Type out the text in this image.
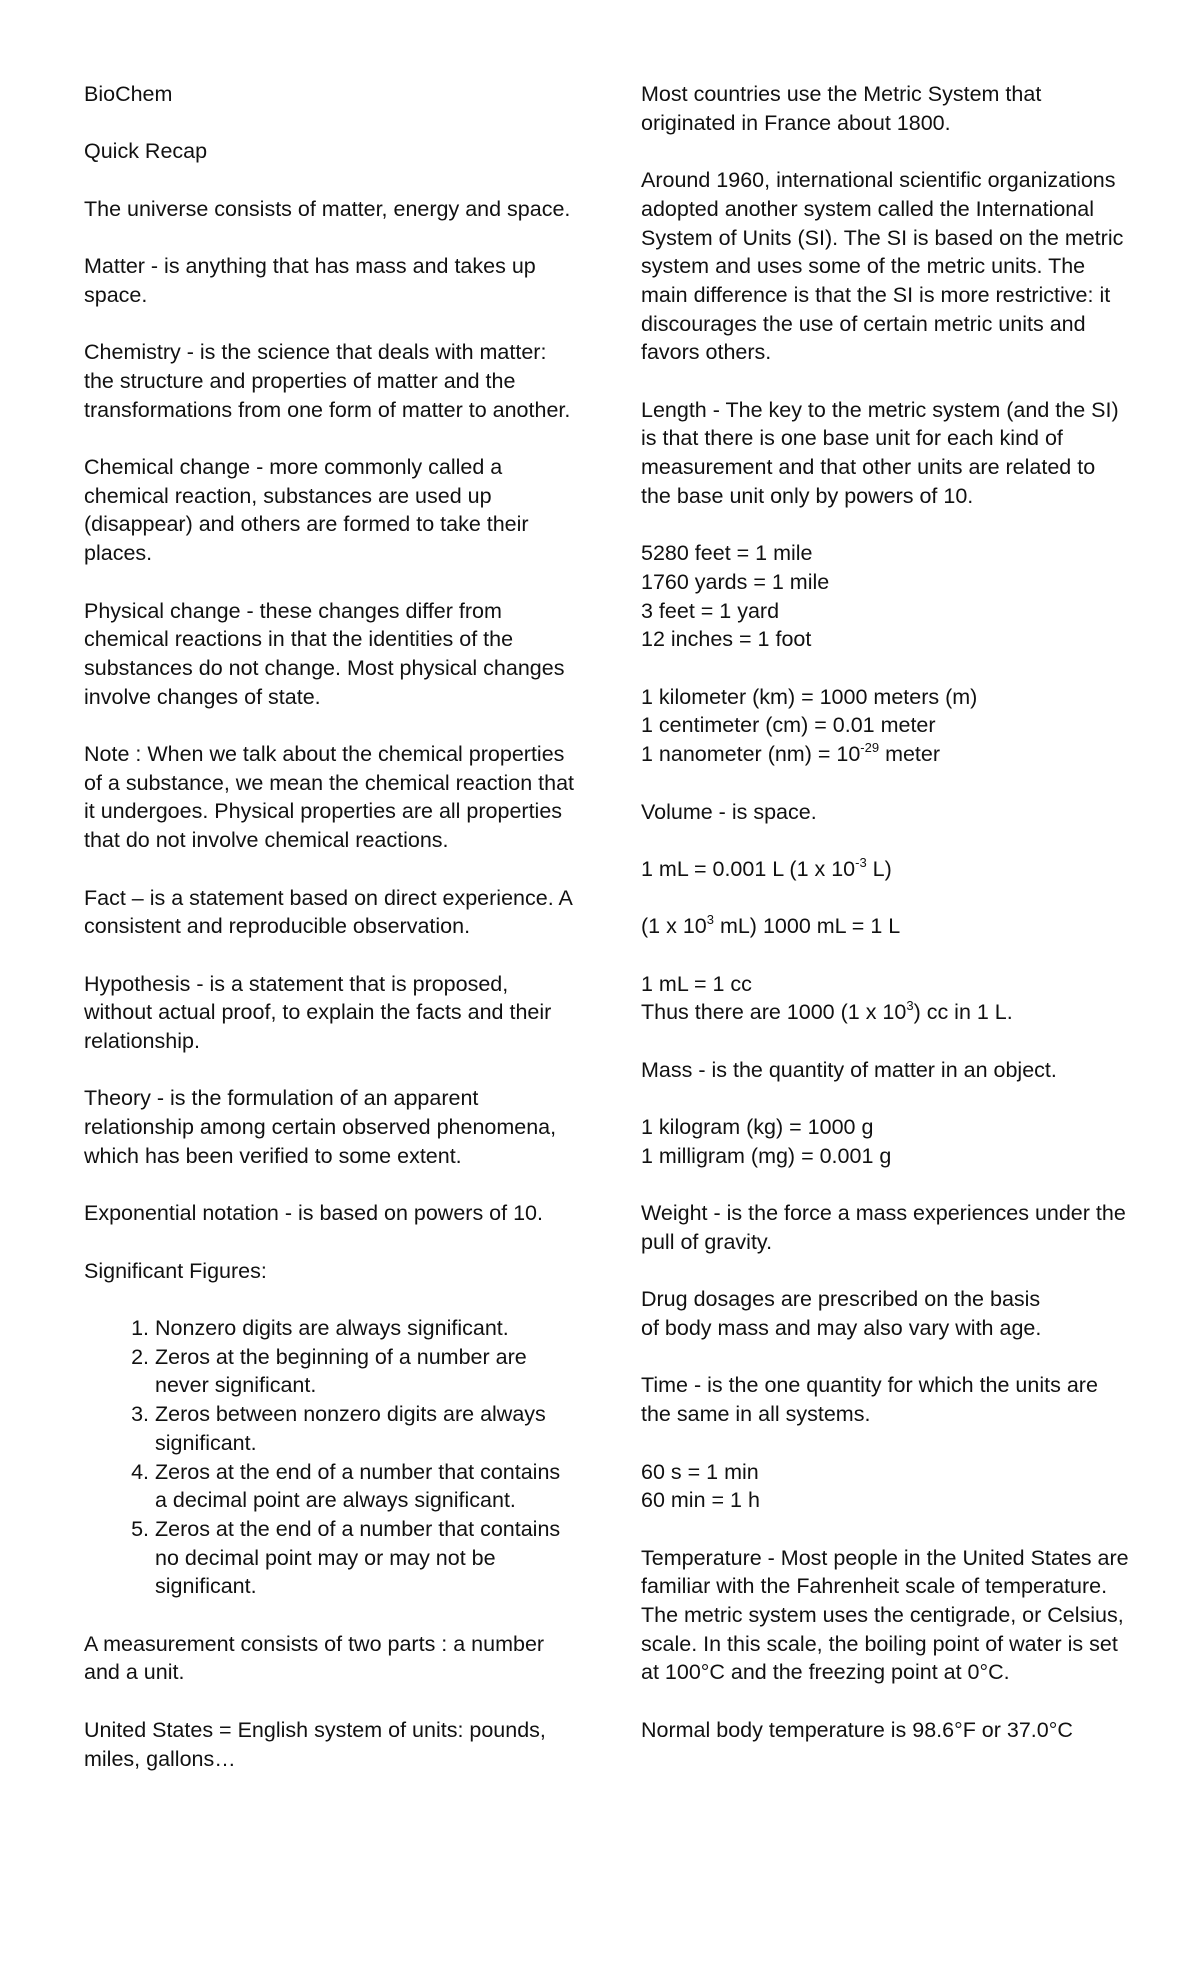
BioChem

Quick Recap

The universe consists of matter, energy and space.

Matter - is anything that has mass and takes up space.

Chemistry - is the science that deals with matter: the structure and properties of matter and the transformations from one form of matter to another.

Chemical change - more commonly called a chemical reaction, substances are used up (disappear) and others are formed to take their places.

Physical change - these changes differ from chemical reactions in that the identities of the substances do not change. Most physical changes involve changes of state.

Note : When we talk about the chemical properties of a substance, we mean the chemical reaction that it undergoes. Physical properties are all properties that do not involve chemical reactions.

Fact – is a statement based on direct experience. A consistent and reproducible observation.

Hypothesis - is a statement that is proposed, without actual proof, to explain the facts and their relationship.

Theory - is the formulation of an apparent relationship among certain observed phenomena, which has been verified to some extent.

Exponential notation - is based on powers of 10.

Significant Figures:

1. Nonzero digits are always significant.
2. Zeros at the beginning of a number are never significant.
3. Zeros between nonzero digits are always significant.
4. Zeros at the end of a number that contains a decimal point are always significant.
5. Zeros at the end of a number that contains no decimal point may or may not be significant.

A measurement consists of two parts : a number and a unit.

United States = English system of units: pounds, miles, gallons…

Most countries use the Metric System that originated in France about 1800.

Around 1960, international scientific organizations adopted another system called the International System of Units (SI). The SI is based on the metric system and uses some of the metric units. The main difference is that the SI is more restrictive: it discourages the use of certain metric units and favors others.

Length - The key to the metric system (and the SI) is that there is one base unit for each kind of measurement and that other units are related to the base unit only by powers of 10.

5280 feet = 1 mile
1760 yards = 1 mile
3 feet = 1 yard
12 inches = 1 foot
1 kilometer (km) = 1000 meters (m)
1 centimeter (cm) = 0.01 meter
1 nanometer $(nm) = 10^{-29}$ meter

Volume - is space.

1 mL = 0.001 L (1 x $10^{-3}$ L)

(1 x $10^3$ mL) 1000 mL = 1 L

1 mL = 1 cc
Thus there are 1000 (1 x $10^3$) cc in 1 L.

Mass - is the quantity of matter in an object.

1 kilogram (kg) = 1000 g
1 milligram (mg) = 0.001 g

Weight - is the force a mass experiences under the pull of gravity.

Drug dosages are prescribed on the basis
of body mass and may also vary with age.

Time - is the one quantity for which the units are the same in all systems.

60 s = 1 min
60 min = 1 h

Temperature - Most people in the United States are familiar with the Fahrenheit scale of temperature. The metric system uses the centigrade, or Celsius, scale. In this scale, the boiling point of water is set at 100°C and the freezing point at 0°C.

Normal body temperature is 98.6°F or 37.0°C
